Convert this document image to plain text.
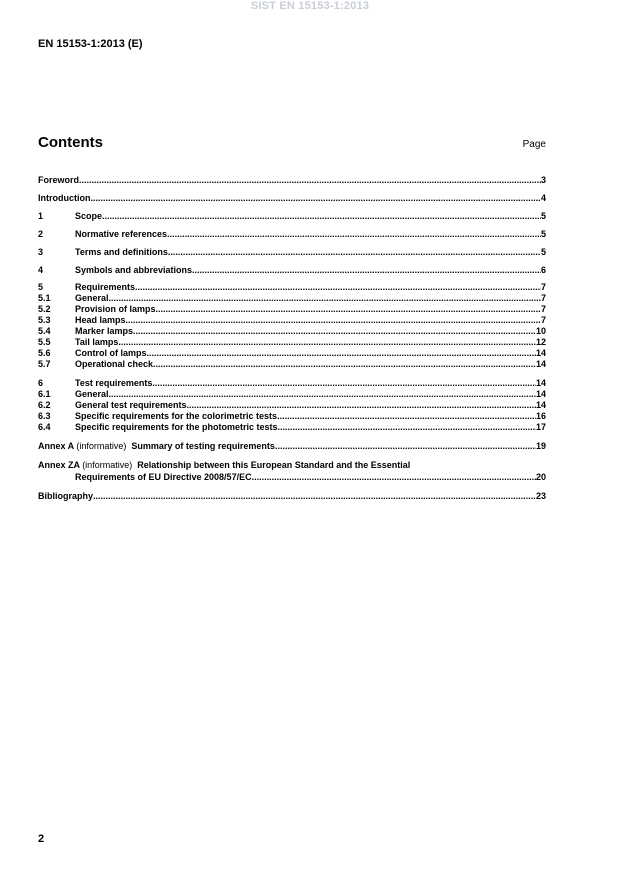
SIST EN 15153-1:2013
EN 15153-1:2013 (E)
Contents	Page
Foreword .....	3
Introduction .....	4
1	Scope .....	5
2	Normative references .....	5
3	Terms and definitions .....	5
4	Symbols and abbreviations .....	6
5	Requirements .....	7
5.1	General .....	7
5.2	Provision of lamps .....	7
5.3	Head lamps .....	7
5.4	Marker lamps .....	10
5.5	Tail lamps .....	12
5.6	Control of lamps .....	14
5.7	Operational check .....	14
6	Test requirements .....	14
6.1	General .....	14
6.2	General test requirements .....	14
6.3	Specific requirements for the colorimetric tests .....	16
6.4	Specific requirements for the photometric tests .....	17
Annex A (informative) Summary of testing requirements .....	19
Annex ZA (informative) Relationship between this European Standard and the Essential
Requirements of EU Directive 2008/57/EC .....	20
Bibliography .....	23
2
